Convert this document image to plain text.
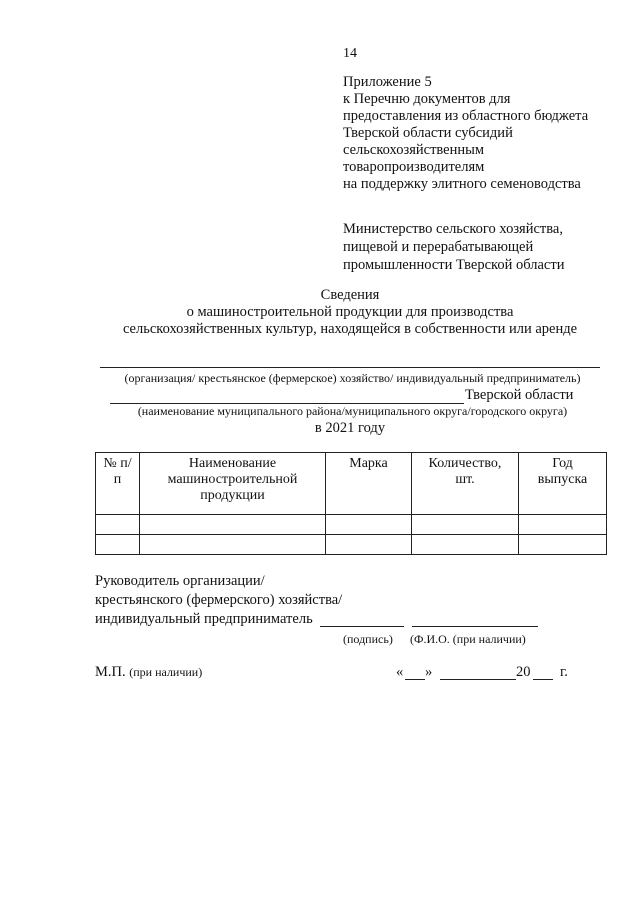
14
Приложение 5
к Перечню документов для
предоставления из областного бюджета
Тверской области субсидий
сельскохозяйственным
товаропроизводителям
на поддержку элитного семеноводства
Министерство сельского хозяйства,
пищевой и перерабатывающей
промышленности Тверской области
Сведения
о машиностроительной продукции для производства
сельскохозяйственных культур, находящейся в собственности или аренде
(организация/ крестьянское (фермерское) хозяйство/ индивидуальный предприниматель)
Тверской области
(наименование муниципального района/муниципального округа/городского округа)
в 2021 году
№ п/п	Наименование машиностроительной продукции	Марка	Количество, шт.	Год выпуска

Руководитель организации/
крестьянского (фермерского) хозяйства/
индивидуальный предприниматель
(подпись) (Ф.И.О. (при наличии)
М.П. (при наличии)	« »	20 г.
